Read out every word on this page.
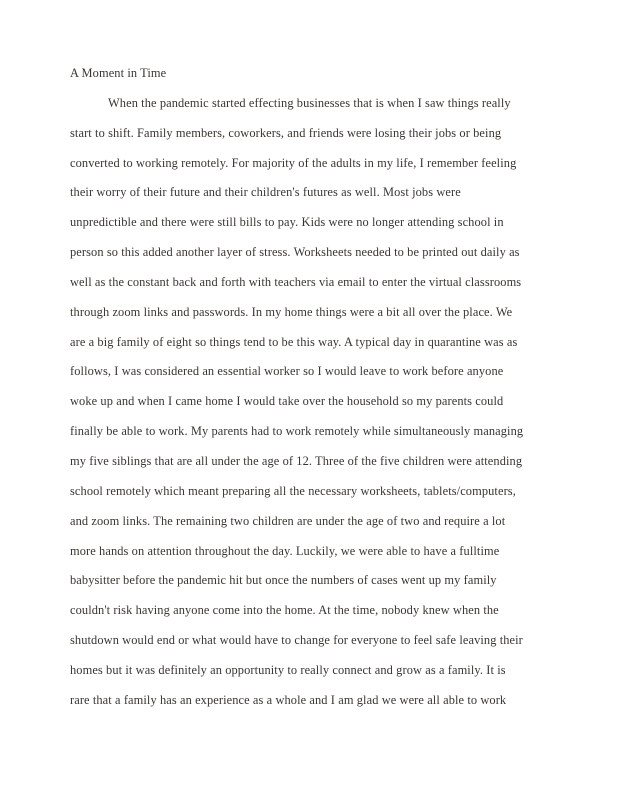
A Moment in Time
When the pandemic started effecting businesses that is when I saw things really
start to shift. Family members, coworkers, and friends were losing their jobs or being
converted to working remotely. For majority of the adults in my life, I remember feeling
their worry of their future and their children's futures as well. Most jobs were
unpredictible and there were still bills to pay. Kids were no longer attending school in
person so this added another layer of stress. Worksheets needed to be printed out daily as
well as the constant back and forth with teachers via email to enter the virtual classrooms
through zoom links and passwords. In my home things were a bit all over the place. We
are a big family of eight so things tend to be this way. A typical day in quarantine was as
follows, I was considered an essential worker so I would leave to work before anyone
woke up and when I came home I would take over the household so my parents could
finally be able to work. My parents had to work remotely while simultaneously managing
my five siblings that are all under the age of 12. Three of the five children were attending
school remotely which meant preparing all the necessary worksheets, tablets/computers,
and zoom links. The remaining two children are under the age of two and require a lot
more hands on attention throughout the day. Luckily, we were able to have a fulltime
babysitter before the pandemic hit but once the numbers of cases went up my family
couldn't risk having anyone come into the home. At the time, nobody knew when the
shutdown would end or what would have to change for everyone to feel safe leaving their
homes but it was definitely an opportunity to really connect and grow as a family. It is
rare that a family has an experience as a whole and I am glad we were all able to work
